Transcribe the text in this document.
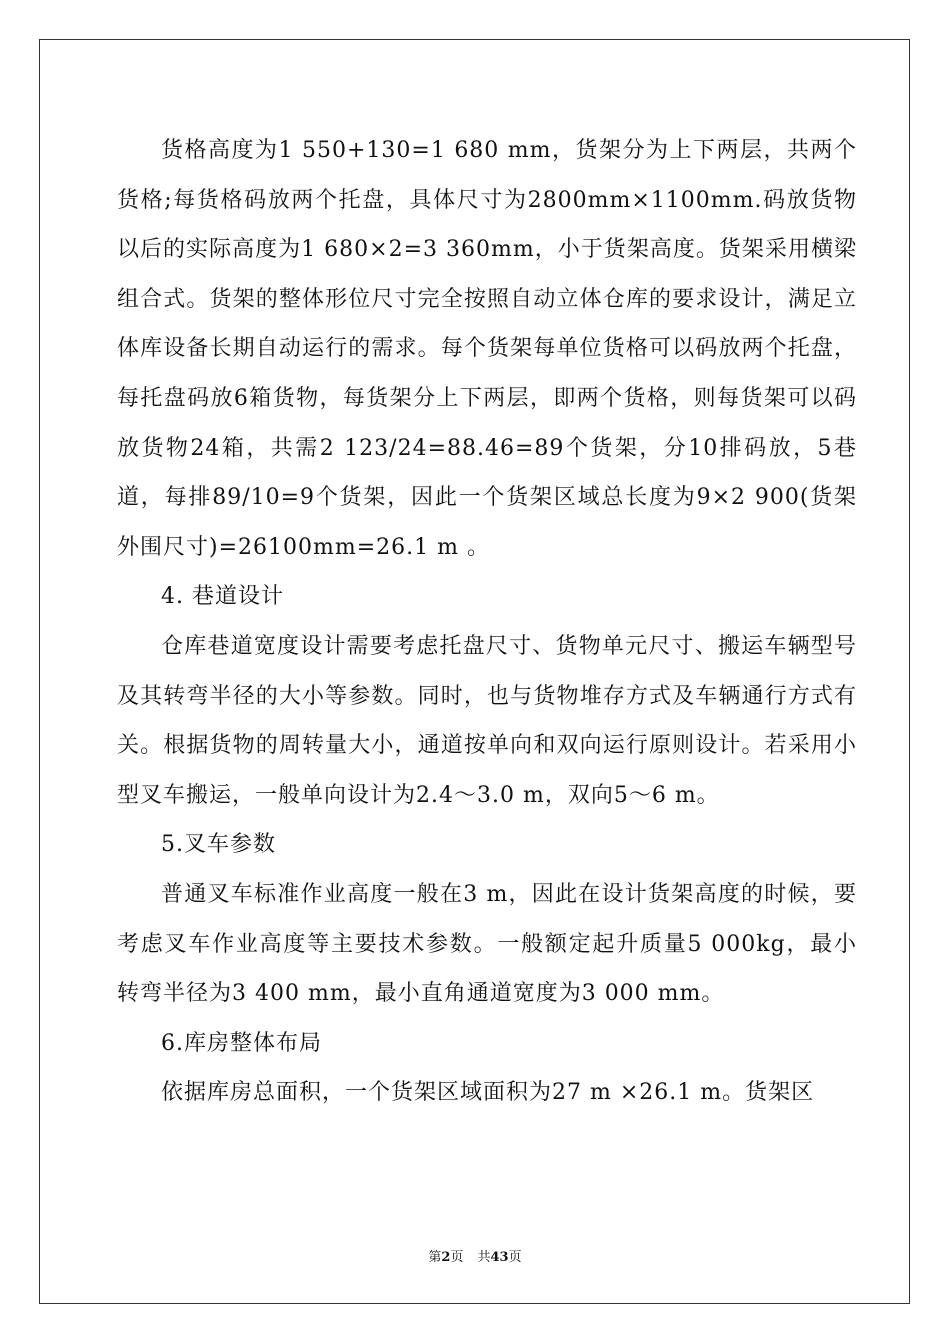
货格高度为1 550+130=1 680 mm，货架分为上下两层，共两个货格;每货格码放两个托盘，具体尺寸为2800mm×1100mm.码放货物以后的实际高度为1 680×2=3 360mm，小于货架高度。货架采用横梁组合式。货架的整体形位尺寸完全按照自动立体仓库的要求设计，满足立体库设备长期自动运行的需求。每个货架每单位货格可以码放两个托盘，每托盘码放6箱货物，每货架分上下两层，即两个货格，则每货架可以码放货物24箱，共需2 123/24=88.46=89个货架，分10排码放，5巷道，每排89/10=9个货架，因此一个货架区域总长度为9×2 900(货架外围尺寸)=26100mm=26.1 m 。

4. 巷道设计

仓库巷道宽度设计需要考虑托盘尺寸、货物单元尺寸、搬运车辆型号及其转弯半径的大小等参数。同时，也与货物堆存方式及车辆通行方式有关。根据货物的周转量大小，通道按单向和双向运行原则设计。若采用小型叉车搬运，一般单向设计为2.4～3.0 m，双向5～6 m。

5.叉车参数

普通叉车标准作业高度一般在3 m，因此在设计货架高度的时候，要考虑叉车作业高度等主要技术参数。一般额定起升质量5 000kg，最小转弯半径为3 400 mm，最小直角通道宽度为3 000 mm。

6.库房整体布局

依据库房总面积，一个货架区域面积为27 m ×26.1 m。货架区

第2页 共43页
